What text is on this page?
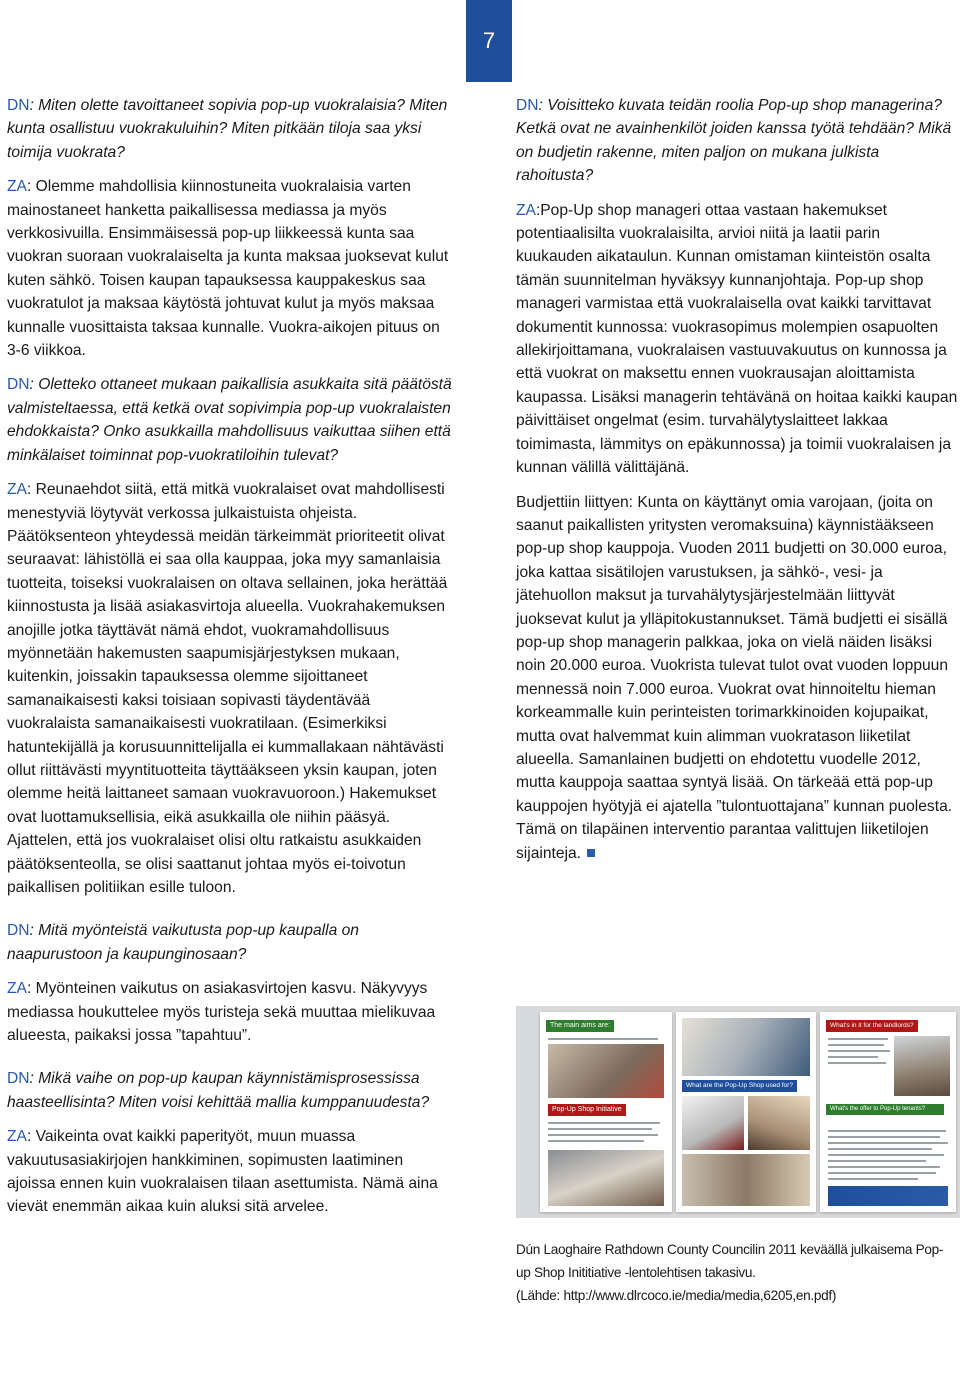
7

DN: Miten olette tavoittaneet sopivia pop-up vuokralaisia? Miten kunta osallistuu vuokrakuluihin? Miten pitkään tiloja saa yksi toimija vuokrata?

ZA: Olemme mahdollisia kiinnostuneita vuokralaisia varten mainostaneet hanketta paikallisessa mediassa ja myös verkkosivuilla. Ensimmäisessä pop-up liikkeessä kunta saa vuokran suoraan vuokralaiselta ja kunta maksaa juoksevat kulut kuten sähkö. Toisen kaupan tapauksessa kauppakeskus saa vuokratulot ja maksaa käytöstä johtuvat kulut ja myös maksaa kunnalle vuosittaista taksaa kunnalle. Vuokra-aikojen pituus on 3-6 viikkoa.

DN: Oletteko ottaneet mukaan paikallisia asukkaita sitä päätöstä valmisteltaessa, että ketkä ovat sopivimpia pop-up vuokralaisten ehdokkaista? Onko asukkailla mahdollisuus vaikuttaa siihen että minkälaiset toiminnat pop-vuokratiloihin tulevat?

ZA: Reunaehdot siitä, että mitkä vuokralaiset ovat mahdollisesti menestyviä löytyvät verkossa julkaistuista ohjeista. Päätöksenteon yhteydessä meidän tärkeimmät prioriteetit olivat seuraavat: lähistöllä ei saa olla kauppaa, joka myy samanlaisia tuotteita, toiseksi vuokralaisen on oltava sellainen, joka herättää kiinnostusta ja lisää asiakasvirtoja alueella. Vuokrahakemuksen anojille jotka täyttävät nämä ehdot, vuokramahdollisuus myönnetään hakemusten saapumisjärjestyksen mukaan, kuitenkin, joissakin tapauksessa olemme sijoittaneet samanaikaisesti kaksi toisiaan sopivasti täydentävää vuokralaista samanaikaisesti vuokratilaan. (Esimerkiksi hatuntekijällä ja korusuunnittelijalla ei kummallakaan nähtävästi ollut riittävästi myyntituotteita täyttääkseen yksin kaupan, joten olemme heitä laittaneet samaan vuokravuoroon.) Hakemukset ovat luottamuksellisia, eikä asukkailla ole niihin pääsyä. Ajattelen, että jos vuokralaiset olisi oltu ratkaistu asukkaiden päätöksenteolla, se olisi saattanut johtaa myös ei-toivotun paikallisen politiikan esille tuloon.

DN: Mitä myönteistä vaikutusta pop-up kaupalla on naapurustoon ja kaupunginosaan?

ZA: Myönteinen vaikutus on asiakasvirtojen kasvu. Näkyvyys mediassa houkuttelee myös turisteja sekä muuttaa mielikuvaa alueesta, paikaksi jossa ”tapahtuu”.

DN: Mikä vaihe on pop-up kaupan käynnistämisprosessissa haasteellisinta? Miten voisi kehittää mallia kumppanuudesta?

ZA: Vaikeinta ovat kaikki paperityöt, muun muassa vakuutusasiakirjojen hankkiminen, sopimusten laatiminen ajoissa ennen kuin vuokralaisen tilaan asettumista. Nämä aina vievät enemmän aikaa kuin aluksi sitä arvelee.

DN: Voisitteko kuvata teidän roolia Pop-up shop managerina? Ketkä ovat ne avainhenkilöt joiden kanssa työtä tehdään? Mikä on budjetin rakenne, miten paljon on mukana julkista rahoitusta?

ZA:Pop-Up shop manageri ottaa vastaan hakemukset potentiaalisilta vuokralaisilta, arvioi niitä ja laatii parin kuukauden aikataulun. Kunnan omistaman kiinteistön osalta tämän suunnitelman hyväksyy kunnanjohtaja. Pop-up shop manageri varmistaa että vuokralaisella ovat kaikki tarvittavat dokumentit kunnossa: vuokrasopimus molempien osapuolten allekirjoittamana, vuokralaisen vastuuvakuutus on kunnossa ja että vuokrat on maksettu ennen vuokrausajan aloittamista kaupassa. Lisäksi managerin tehtävänä on hoitaa kaikki kaupan päivittäiset ongelmat (esim. turvahälytyslaitteet lakkaa toimimasta, lämmitys on epäkunnossa) ja toimii vuokralaisen ja kunnan välillä välittäjänä.

Budjettiin liittyen: Kunta on käyttänyt omia varojaan, (joita on saanut paikallisten yritysten veromaksuina) käynnistääkseen pop-up shop kauppoja. Vuoden 2011 budjetti on 30.000 euroa, joka kattaa sisätilojen varustuksen, ja sähkö-, vesi- ja jätehuollon maksut ja turvahälytysjärjestelmään liittyvät juoksevat kulut ja ylläpitokustannukset. Tämä budjetti ei sisällä pop-up shop managerin palkkaa, joka on vielä näiden lisäksi noin 20.000 euroa. Vuokrista tulevat tulot ovat vuoden loppuun mennessä noin 7.000 euroa. Vuokrat ovat hinnoiteltu hieman korkeammalle kuin perinteisten torimarkkinoiden kojupaikat, mutta ovat halvemmat kuin alimman vuokratason liiketilat alueella. Samanlainen budjetti on ehdotettu vuodelle 2012, mutta kauppoja saattaa syntyä lisää. On tärkeää että pop-up kauppojen hyötyjä ei ajatella ”tulontuottajana” kunnan puolesta. Tämä on tilapäinen interventio parantaa valittujen liiketilojen sijainteja.

The main aims are:
Pop-Up Shop Initiative
What are the Pop-Up Shop used for?
What's in it for the landlords?
What's the offer to Pop-Up tenants?
Dún Laoghaire Rathdown County Councilin 2011 keväällä julkaisema Pop-
up Shop Inititiative -lentolehtisen takasivu.
(Lähde: http://www.dlrcoco.ie/media/media,6205,en.pdf)
